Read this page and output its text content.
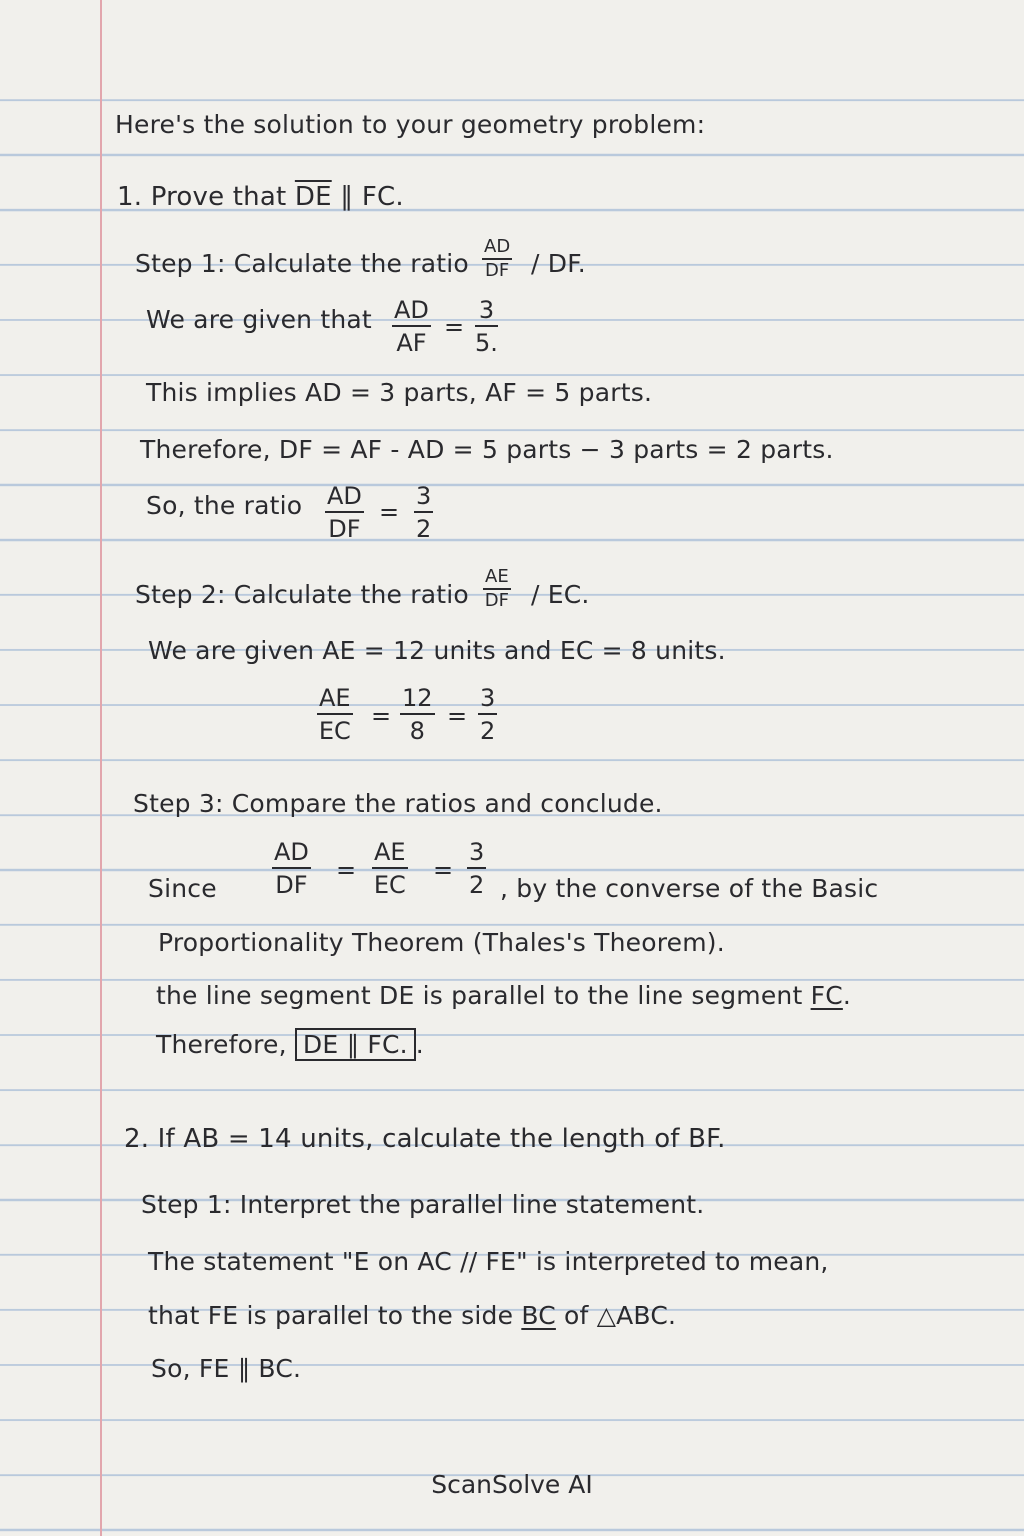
Here's the solution to your geometry problem:
1. Prove that $\overline{DE}$ ∥ FC.
Step 1: Calculate the ratio $\frac{AD}{DF}$ / DF.
We are given that $\frac{AD}{AF} = \frac{3}{5.}$
This implies AD = 3 parts, AF = 5 parts.
Therefore, DF = AF - AD = 5 parts − 3 parts = 2 parts.
So, the ratio $\frac{AD}{DF} = \frac{3}{2}$
Step 2: Calculate the ratio $\frac{AE}{DF}$ / EC.
We are given AE = 12 units and EC = 8 units.
$\frac{AE}{EC} = \frac{12}{8} = \frac{3}{2}$
Step 3: Compare the ratios and conclude.
Since $\frac{AD}{DF} = \frac{AE}{EC} = \frac{3}{2}$ , by the converse of the Basic
Proportionality Theorem (Thales's Theorem).
the line segment DE is parallel to the line segment FC.
Therefore, DE ∥ FC. .
2. If AB = 14 units, calculate the length of BF.
Step 1: Interpret the parallel line statement.
The statement "E on AC // FE" is interpreted to mean,
that FE is parallel to the side BC of △ABC.
So, FE ∥ BC.
ScanSolve AI
